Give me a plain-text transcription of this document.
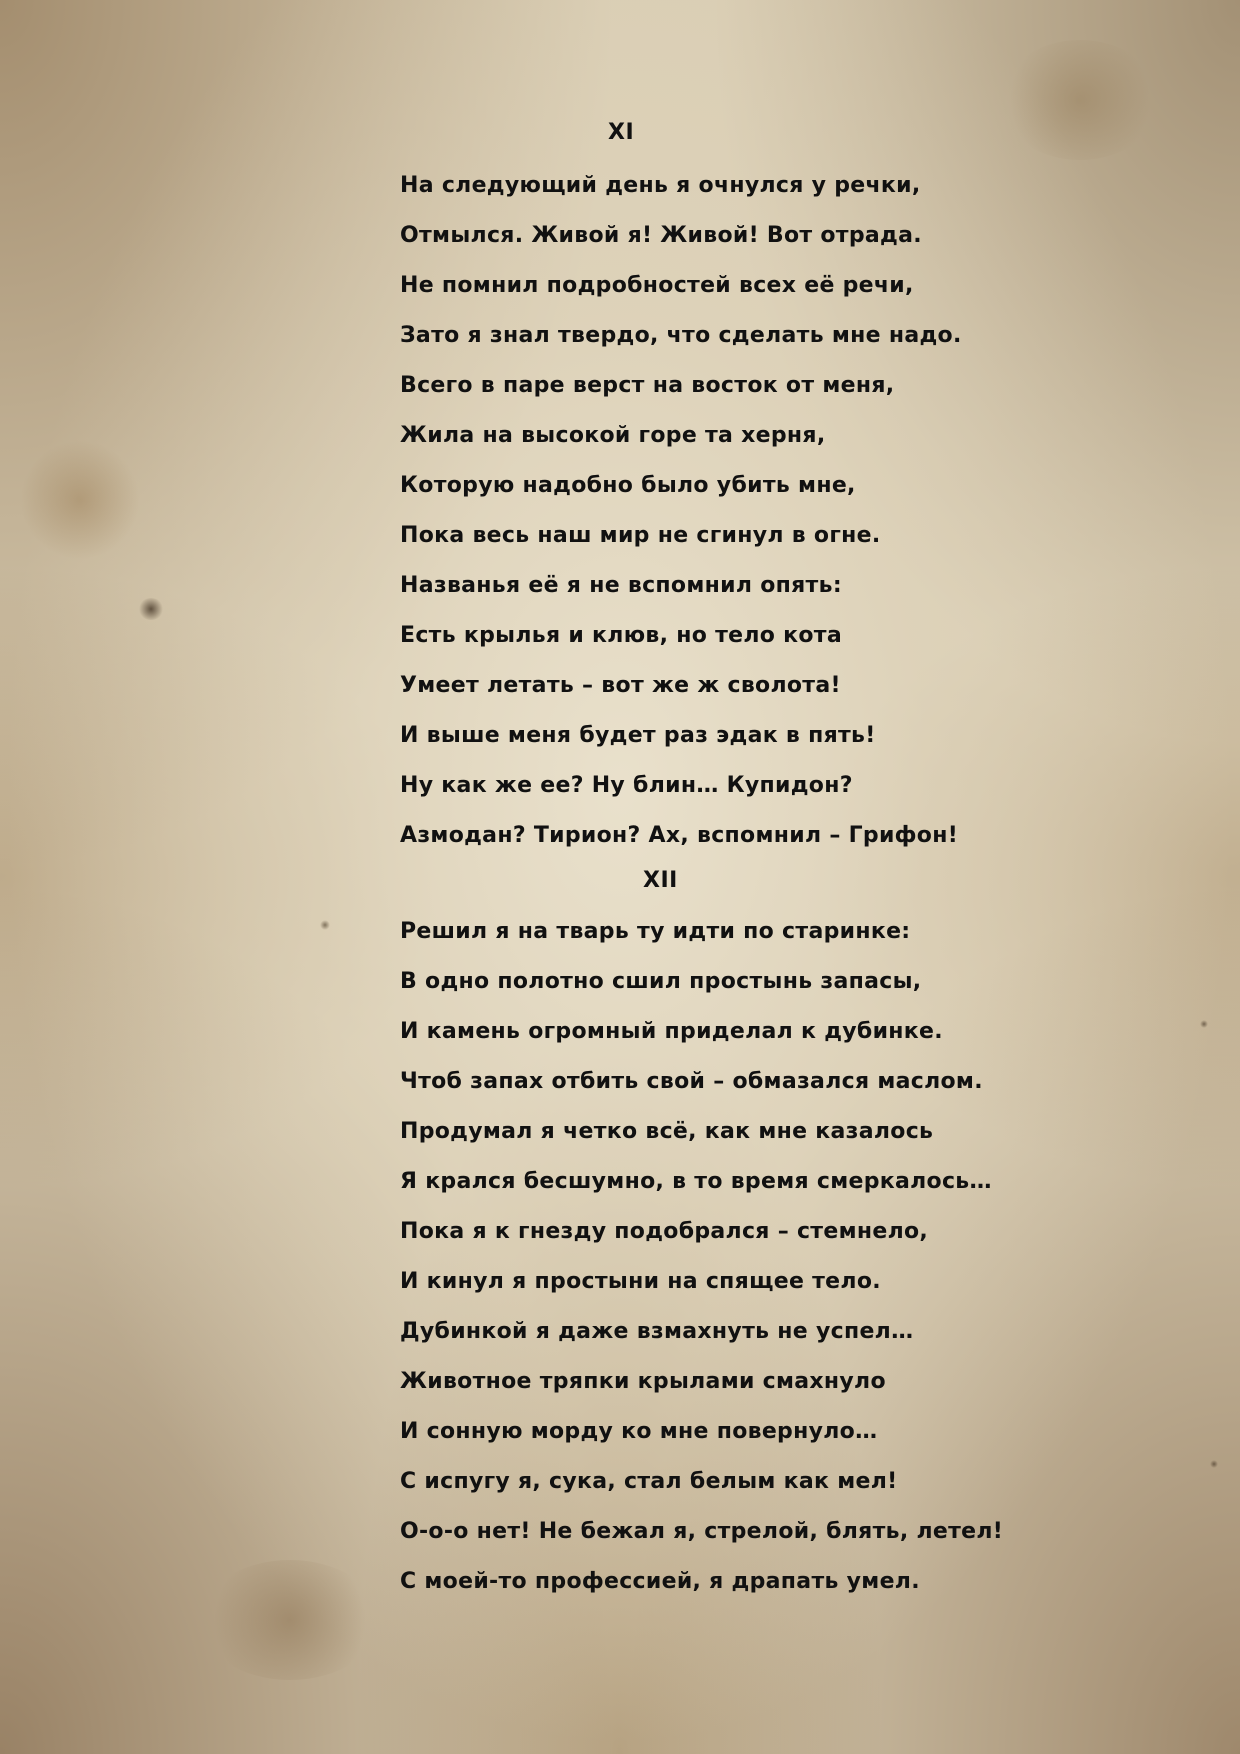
XI
На следующий день я очнулся у речки,
Отмылся. Живой я! Живой! Вот отрада.
Не помнил подробностей всех её речи,
Зато я знал твердо, что сделать мне надо.
Всего в паре верст на восток от меня,
Жила на высокой горе та херня,
Которую надобно было убить мне,
Пока весь наш мир не сгинул в огне.
Названья её я не вспомнил опять:
Есть крылья и клюв, но тело кота
Умеет летать – вот же ж сволота!
И выше меня будет раз эдак в пять!
Ну как же ее? Ну блин… Купидон?
Азмодан? Тирион? Ах, вспомнил – Грифон!
XII
Решил я на тварь ту идти по старинке:
В одно полотно сшил простынь запасы,
И камень огромный приделал к дубинке.
Чтоб запах отбить свой – обмазался маслом.
Продумал я четко всё, как мне казалось
Я крался бесшумно, в то время смеркалось…
Пока я к гнезду подобрался – стемнело,
И кинул я простыни на спящее тело.
Дубинкой я даже взмахнуть не успел…
Животное тряпки крылами смахнуло
И сонную морду ко мне повернуло…
С испугу я, сука, стал белым как мел!
О-о-о нет! Не бежал я, стрелой, блять, летел!
С моей-то профессией, я драпать умел.
